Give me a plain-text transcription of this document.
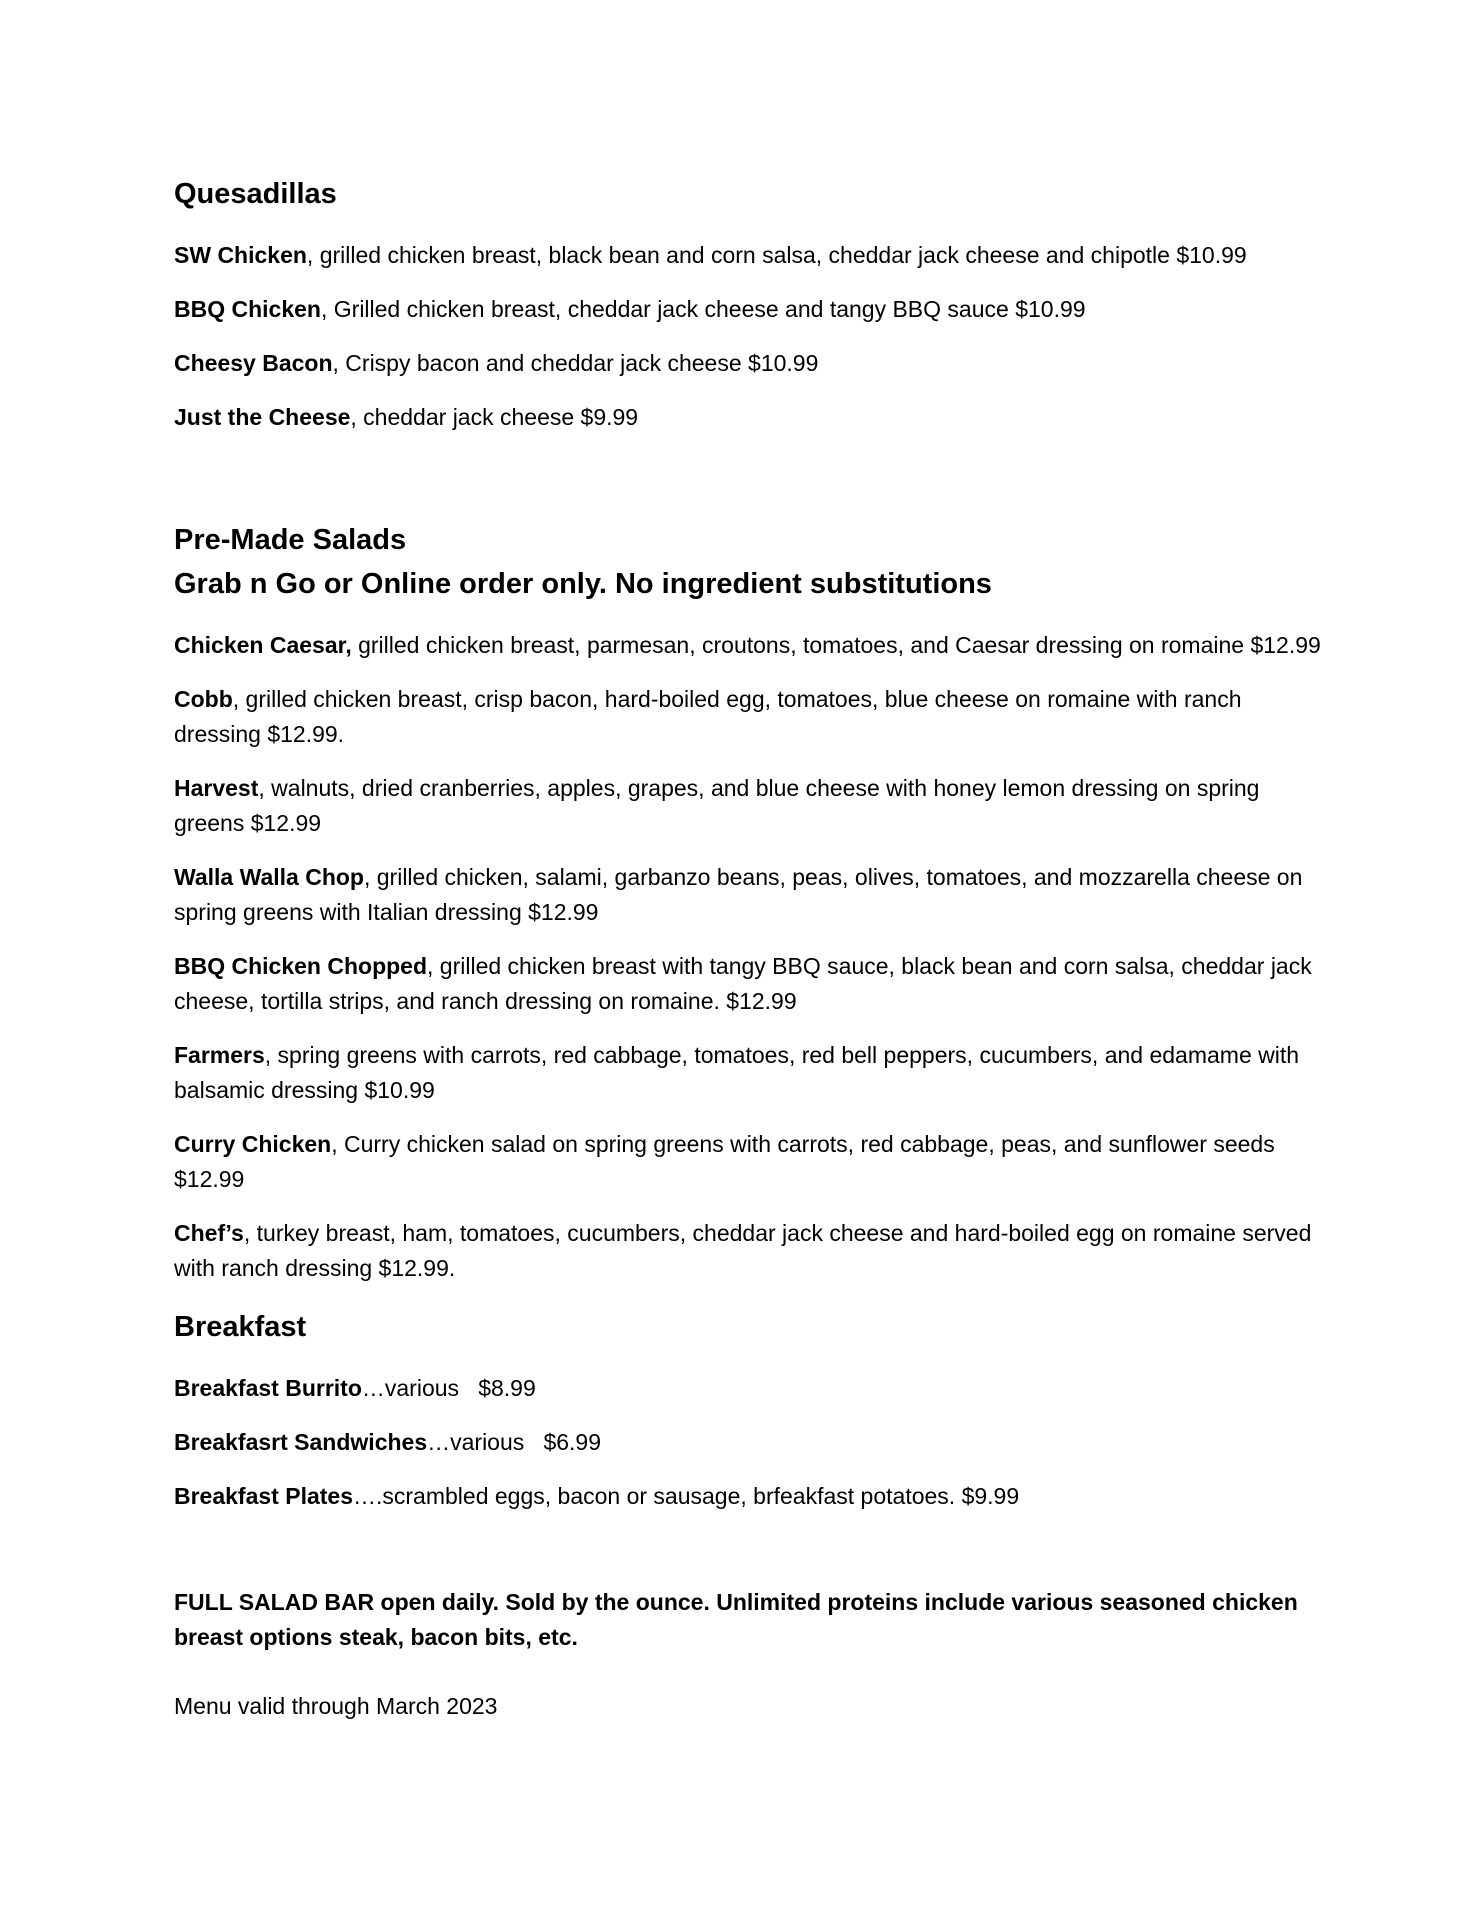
Quesadillas

SW Chicken, grilled chicken breast, black bean and corn salsa, cheddar jack cheese and chipotle $10.99

BBQ Chicken, Grilled chicken breast, cheddar jack cheese and tangy BBQ sauce $10.99

Cheesy Bacon, Crispy bacon and cheddar jack cheese $10.99

Just the Cheese, cheddar jack cheese $9.99

Pre-Made Salads

Grab n Go or Online order only. No ingredient substitutions

Chicken Caesar, grilled chicken breast, parmesan, croutons, tomatoes, and Caesar dressing on romaine $12.99

Cobb, grilled chicken breast, crisp bacon, hard-boiled egg, tomatoes, blue cheese on romaine with ranch dressing $12.99.

Harvest, walnuts, dried cranberries, apples, grapes, and blue cheese with honey lemon dressing on spring greens $12.99

Walla Walla Chop, grilled chicken, salami, garbanzo beans, peas, olives, tomatoes, and mozzarella cheese on spring greens with Italian dressing $12.99

BBQ Chicken Chopped, grilled chicken breast with tangy BBQ sauce, black bean and corn salsa, cheddar jack cheese, tortilla strips, and ranch dressing on romaine. $12.99

Farmers, spring greens with carrots, red cabbage, tomatoes, red bell peppers, cucumbers, and edamame with balsamic dressing $10.99

Curry Chicken, Curry chicken salad on spring greens with carrots, red cabbage, peas, and sunflower seeds $12.99

Chef’s, turkey breast, ham, tomatoes, cucumbers, cheddar jack cheese and hard-boiled egg on romaine served with ranch dressing $12.99.

Breakfast

Breakfast Burrito…various   $8.99

Breakfasrt Sandwiches…various   $6.99

Breakfast Plates….scrambled eggs, bacon or sausage, brfeakfast potatoes. $9.99

FULL SALAD BAR open daily. Sold by the ounce. Unlimited proteins include various seasoned chicken breast options steak, bacon bits, etc.

Menu valid through March 2023
